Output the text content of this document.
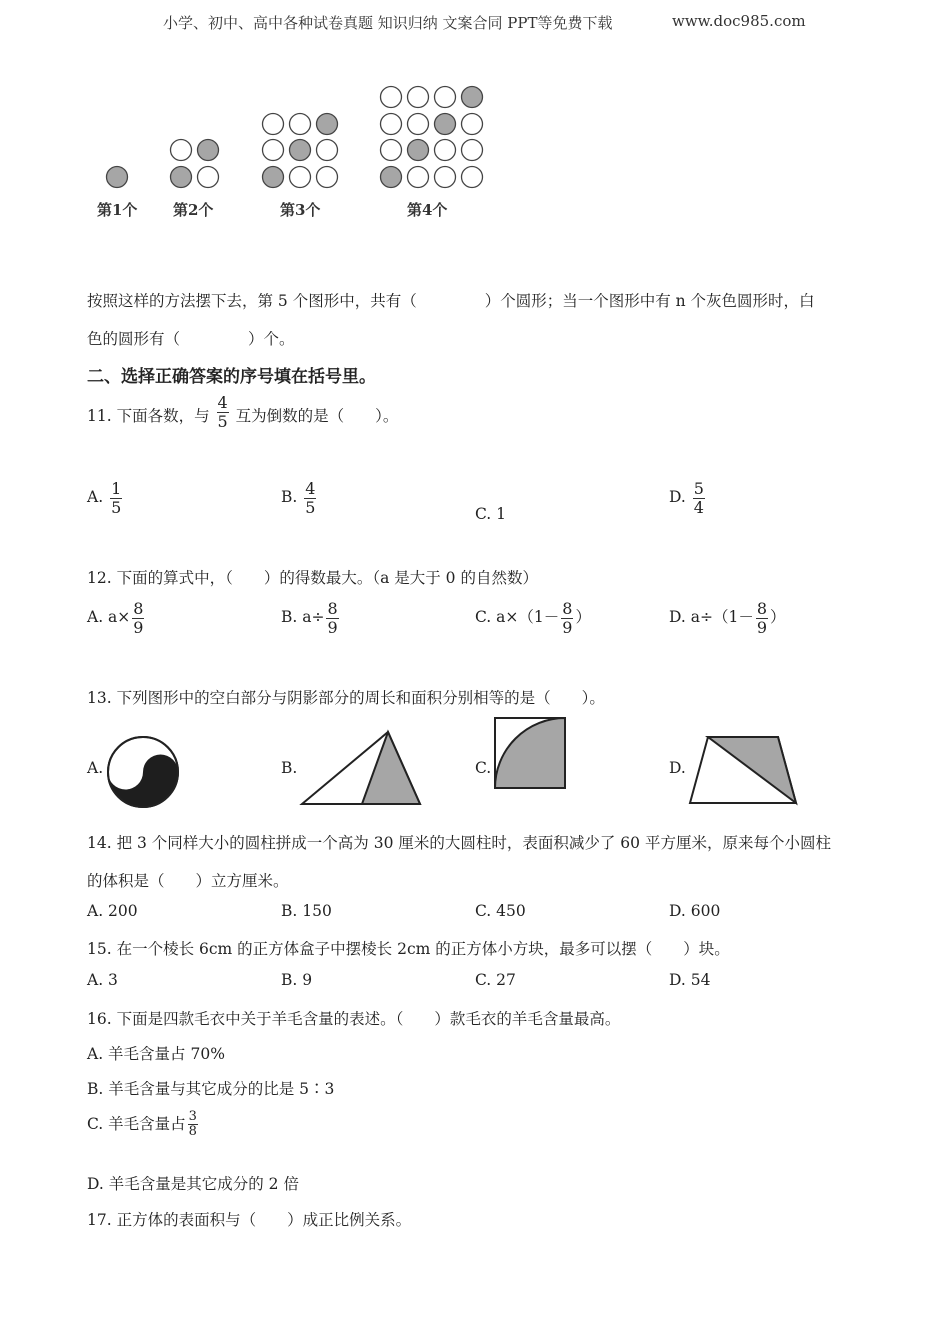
小学、初中、高中各种试卷真题 知识归纳 文案合同 PPT等免费下载	www.doc985.com
第1个 第2个	第3个	第4个
按照这样的方法摆下去，第 5 个图形中，共有（	）个圆形；当一个图形中有 n 个灰色圆形时，白
色的圆形有（	）个。
二、选择正确答案的序号填在括号里。
11. 下面各数，与 $\frac{4}{5}$ 互为倒数的是（　　）。
A. $\frac{1}{5}$	B. $\frac{4}{5}$	C. 1
D. $\frac{5}{4}$
12. 下面的算式中，（　　）的得数最大。（a 是大于 0 的自然数）
A. $a\times \frac{8}{9}$	B. $a\div \frac{8}{9}$	C. $a\times(1- \frac{8}{9}$ ）	D. $a\div(1- \frac{8}{9}$ ）
13. 下列图形中的空白部分与阴影部分的周长和面积分别相等的是（　　）。
A.	B.	C.	D.
14. 把 3 个同样大小的圆柱拼成一个高为 30 厘米的大圆柱时，表面积减少了 60 平方厘米，原来每个小圆柱
的体积是（　　）立方厘米。
A. 200	B. 150	C. 450	D. 600
15. 在一个棱长 6cm 的正方体盒子中摆棱长 2cm 的正方体小方块，最多可以摆（　　）块。
A. 3	B. 9	C. 27	D. 54
16. 下面是四款毛衣中关于羊毛含量的表述。（　　）款毛衣的羊毛含量最高。
A. 羊毛含量占 70%
B. 羊毛含量与其它成分的比是 5∶3
C. 羊毛含量占 $\frac{3}{8}$
D. 羊毛含量是其它成分的 2 倍
17. 正方体的表面积与（　　）成正比例关系。
